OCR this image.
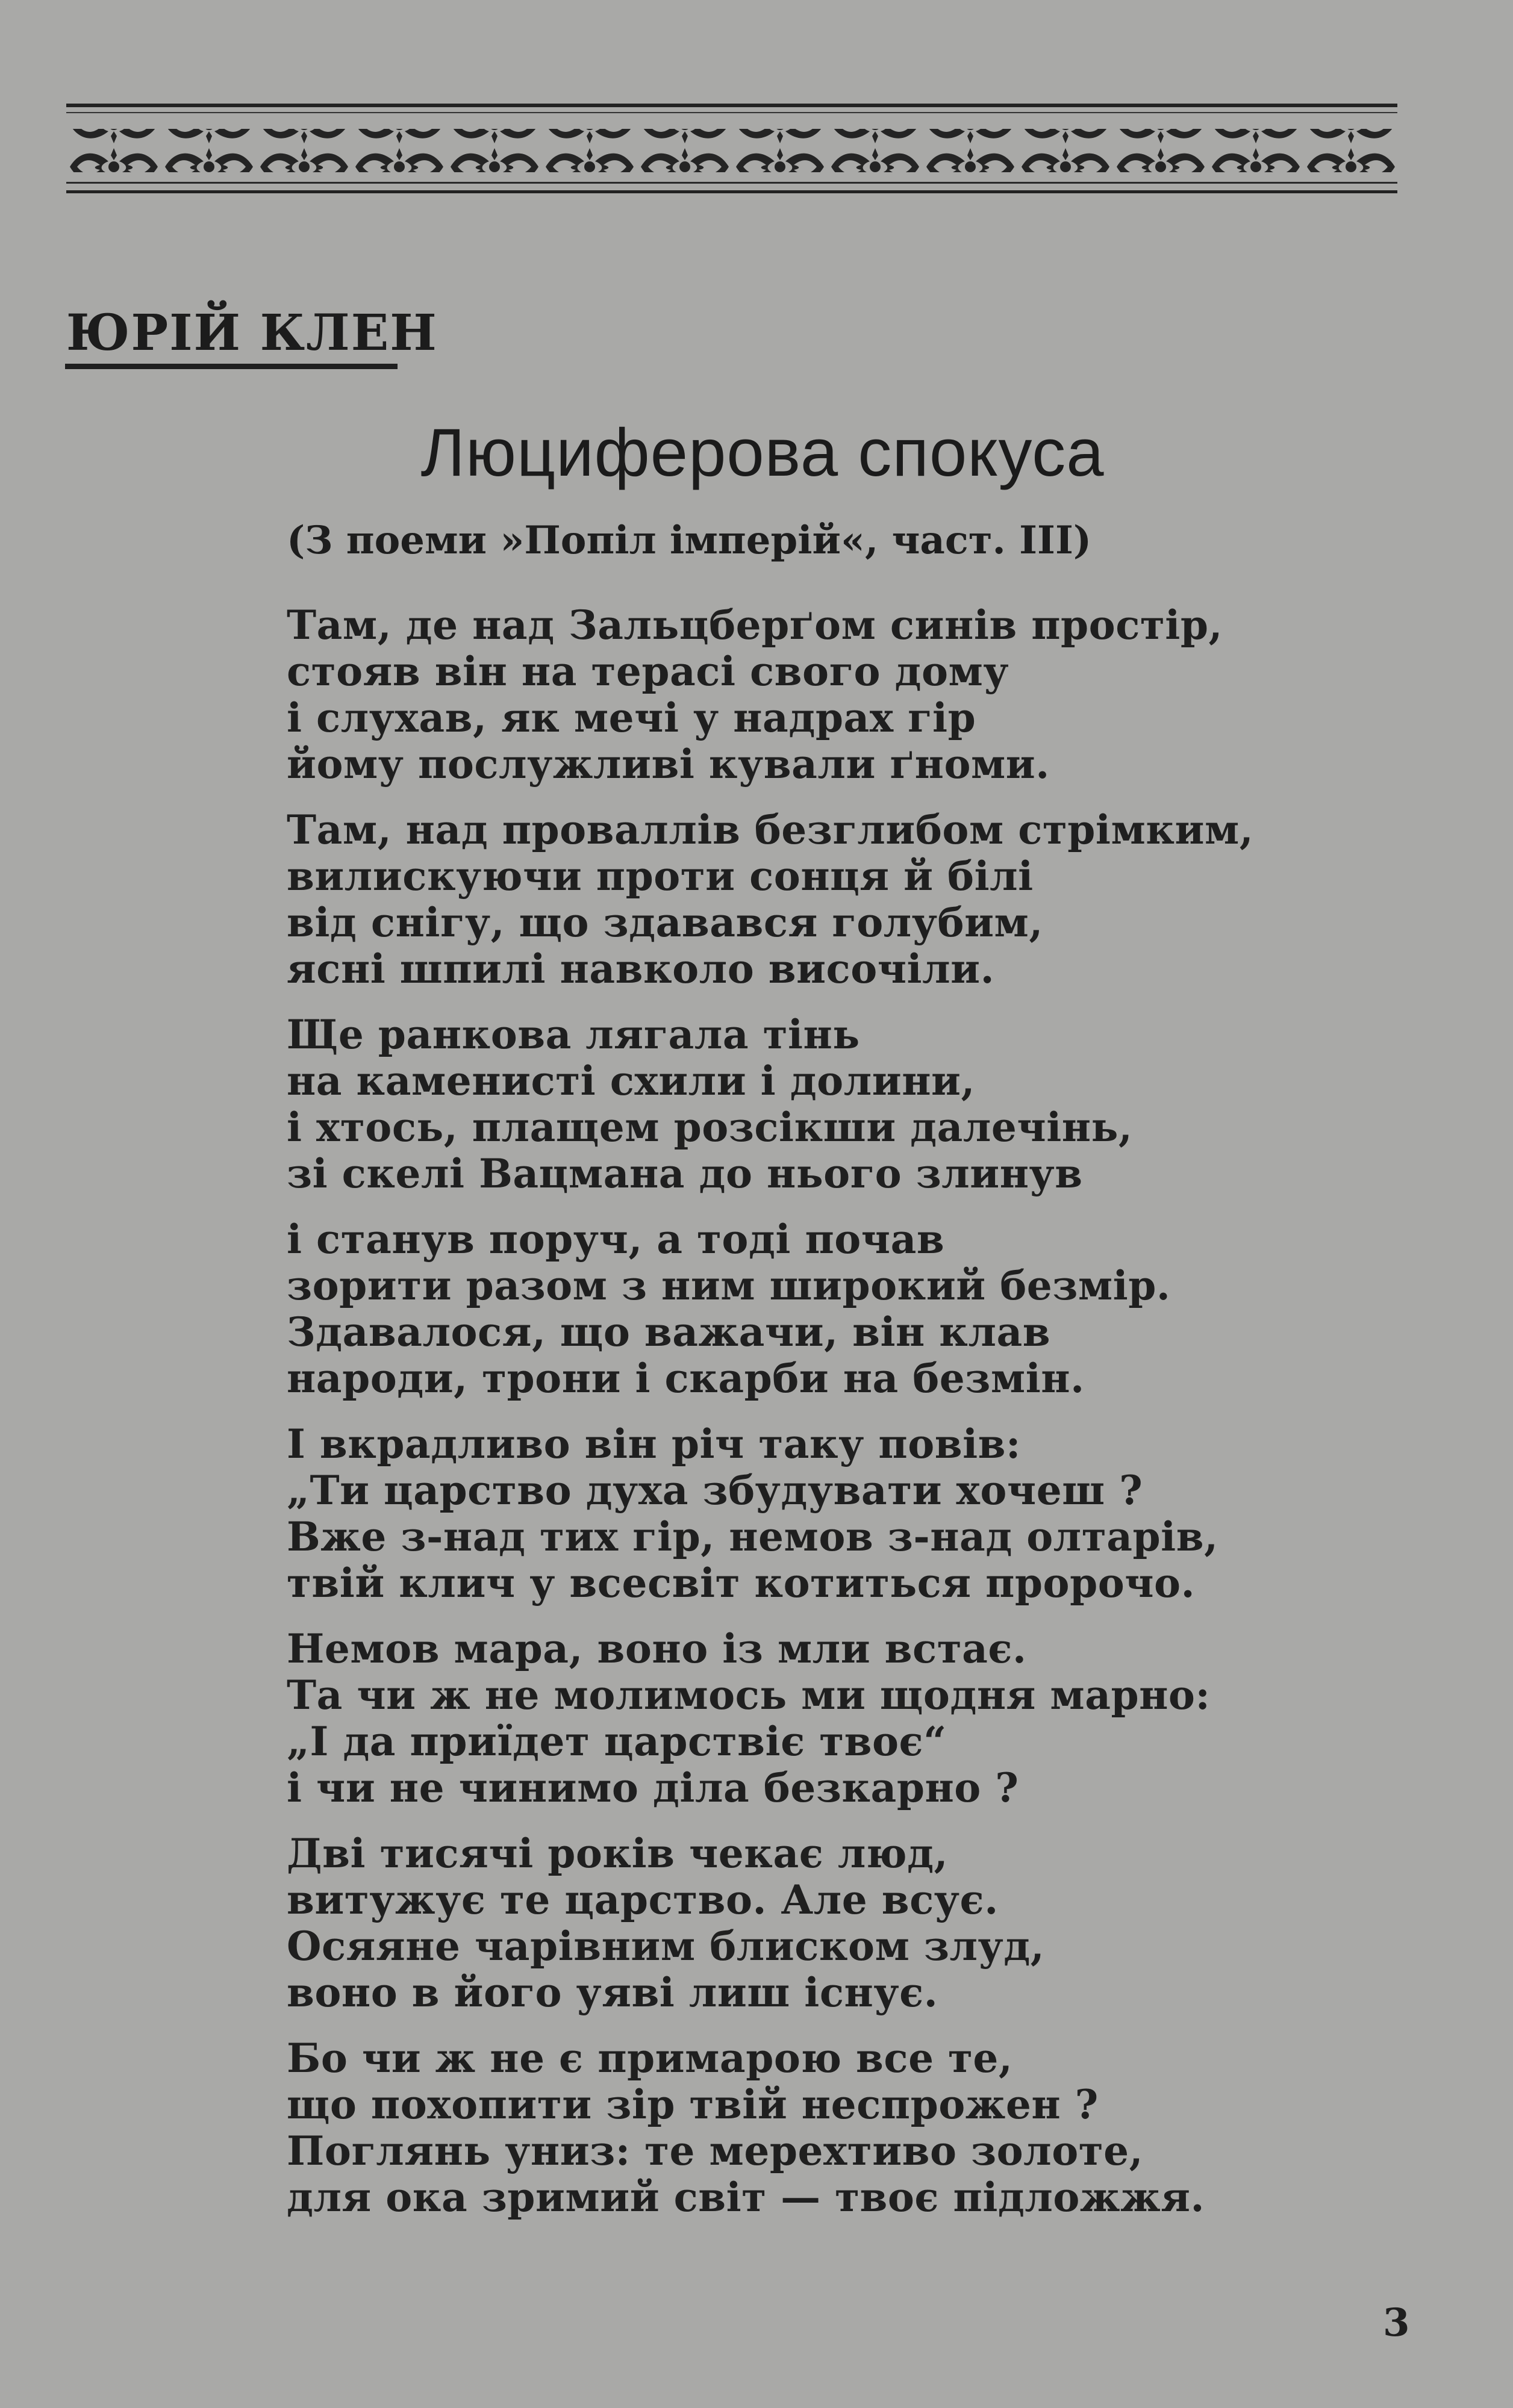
ЮРІЙ КЛЕН
Люциферова спокуса
(З поеми »Попіл імперій«, част. III)
Там, де над Зальцберґом синів простір,
стояв він на терасі свого дому
і слухав, як мечі у надрах гір
йому послужливі кували ґноми.
Там, над проваллів безглибом стрімким,
вилискуючи проти сонця й білі
від снігу, що здавався голубим,
ясні шпилі навколо височіли.
Ще ранкова лягала тінь
на каменисті схили і долини,
і хтось, плащем розсікши далечінь,
зі скелі Вацмана до нього злинув
і станув поруч, а тоді почав
зорити разом з ним широкий безмір.
Здавалося, що важачи, він клав
народи, трони і скарби на безмін.
І вкрадливо він річ таку повів:
„Ти царство духа збудувати хочеш ?
Вже з-над тих гір, немов з-над олтарів,
твій клич у всесвіт котиться пророчо.
Немов мара, воно із мли встає.
Та чи ж не молимось ми щодня марно:
„І да приїдет царствіє твоє“
і чи не чинимо діла безкарно ?
Дві тисячі років чекає люд,
витужує те царство. Але всує.
Осяяне чарівним блиском злуд,
воно в його уяві лиш існує.
Бо чи ж не є примарою все те,
що похопити зір твій неспрожен ?
Поглянь униз: те мерехтиво золоте,
для ока зримий світ — твоє підложжя.
3
